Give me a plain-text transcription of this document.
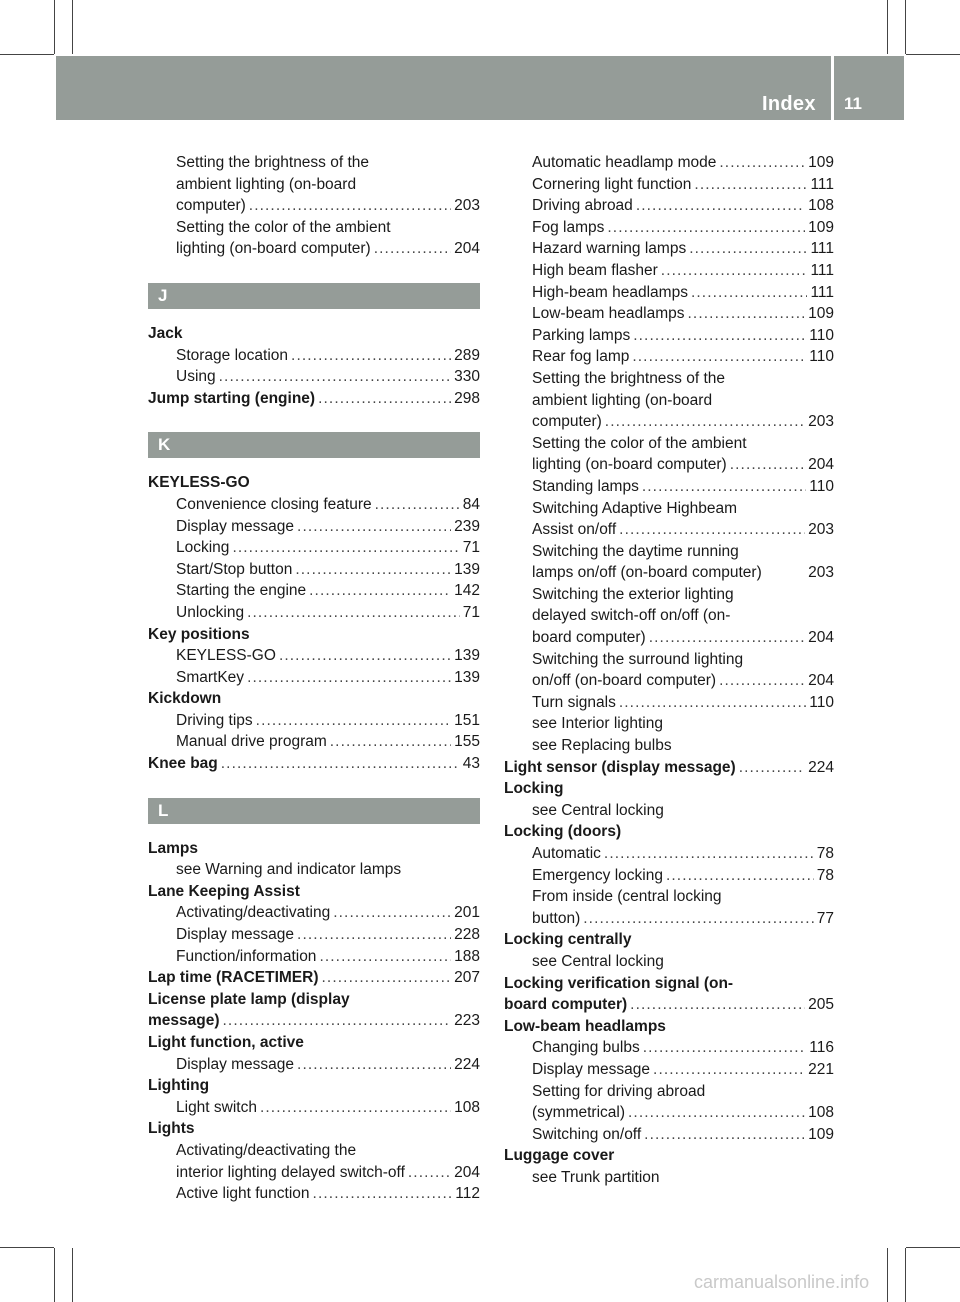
Index 11
Setting the brightness of the
ambient lighting (on-board
computer) . . .	203
Setting the color of the ambient
lighting (on-board computer) . . .	204
J
Jack
Storage location . . .	289
Using . . .	330
Jump starting (engine) . . .	298
K
KEYLESS-GO
Convenience closing feature . . .	84
Display message . . .	239
Locking . . .	71
Start/Stop button . . .	139
Starting the engine . . .	142
Unlocking . . .	71
Key positions
KEYLESS-GO . . .	139
SmartKey . . .	139
Kickdown
Driving tips . . .	151
Manual drive program . . .	155
Knee bag . . .	43
L
Lamps
see Warning and indicator lamps
Lane Keeping Assist
Activating/deactivating . . .	201
Display message . . .	228
Function/information . . .	188
Lap time (RACETIMER) . . .	207
License plate lamp (display
message) . . .	223
Light function, active
Display message . . .	224
Lighting
Light switch . . .	108
Lights
Activating/deactivating the
interior lighting delayed switch-off . . .	204
Active light function . . .	112
Automatic headlamp mode . . .	109
Cornering light function . . .	111
Driving abroad . . .	108
Fog lamps . . .	109
Hazard warning lamps . . .	111
High beam flasher . . .	111
High-beam headlamps . . .	111
Low-beam headlamps . . .	109
Parking lamps . . .	110
Rear fog lamp . . .	110
Setting the brightness of the
ambient lighting (on-board
computer) . . .	203
Setting the color of the ambient
lighting (on-board computer) . . .	204
Standing lamps . . .	110
Switching Adaptive Highbeam
Assist on/off . . .	203
Switching the daytime running
lamps on/off (on-board computer)	203
Switching the exterior lighting
delayed switch-off on/off (on-
board computer) . . .	204
Switching the surround lighting
on/off (on-board computer) . . .	204
Turn signals . . .	110
see Interior lighting
see Replacing bulbs
Light sensor (display message) . . .	224
Locking
see Central locking
Locking (doors)
Automatic . . .	78
Emergency locking . . .	78
From inside (central locking
button) . . .	77
Locking centrally
see Central locking
Locking verification signal (on-
board computer) . . .	205
Low-beam headlamps
Changing bulbs . . .	116
Display message . . .	221
Setting for driving abroad
(symmetrical) . . .	108
Switching on/off . . .	109
Luggage cover
see Trunk partition
carmanualsonline.info
